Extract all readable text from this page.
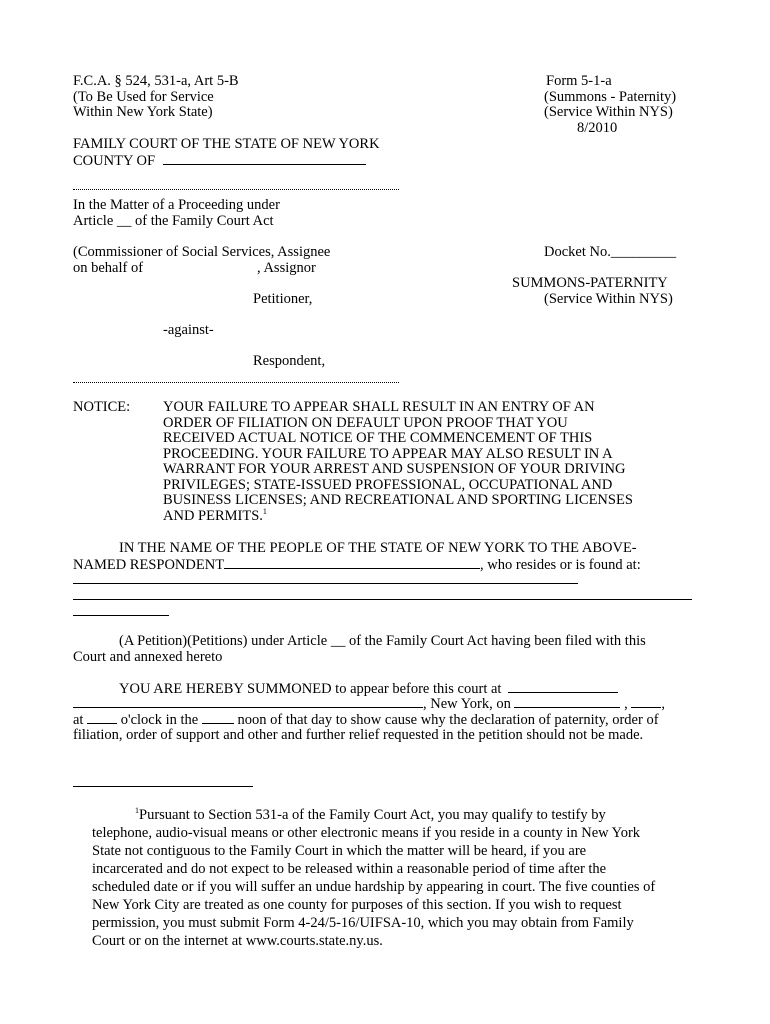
F.C.A. § 524, 531-a, Art 5-B
(To Be Used for Service
Within New York State)
Form 5-1-a
(Summons - Paternity)
(Service Within NYS)
8/2010
FAMILY COURT OF THE STATE OF NEW YORK
COUNTY OF
In the Matter of a Proceeding under
Article __ of the Family Court Act
(Commissioner of Social Services, Assignee
on behalf of	, Assignor
Petitioner,
-against-
Respondent,
Docket No._________
SUMMONS-PATERNITY
(Service Within NYS)
NOTICE: YOUR FAILURE TO APPEAR SHALL RESULT IN AN ENTRY OF AN
ORDER OF FILIATION ON DEFAULT UPON PROOF THAT YOU
RECEIVED ACTUAL NOTICE OF THE COMMENCEMENT OF THIS
PROCEEDING. YOUR FAILURE TO APPEAR MAY ALSO RESULT IN A
WARRANT FOR YOUR ARREST AND SUSPENSION OF YOUR DRIVING
PRIVILEGES; STATE-ISSUED PROFESSIONAL, OCCUPATIONAL AND
BUSINESS LICENSES; AND RECREATIONAL AND SPORTING LICENSES
AND PERMITS.$^1$
IN THE NAME OF THE PEOPLE OF THE STATE OF NEW YORK TO THE ABOVE-
NAMED RESPONDENT	, who resides or is found at:
(A Petition)(Petitions) under Article __ of the Family Court Act having been filed with this
Court and annexed hereto
YOU ARE HEREBY SUMMONED to appear before this court at
, New York, on	, ,
at	o'clock in the	noon of that day to show cause why the declaration of paternity, order of
filiation, order of support and other and further relief requested in the petition should not be made.
$^1$Pursuant to Section 531-a of the Family Court Act, you may qualify to testify by
telephone, audio-visual means or other electronic means if you reside in a county in New York
State not contiguous to the Family Court in which the matter will be heard, if you are
incarcerated and do not expect to be released within a reasonable period of time after the
scheduled date or if you will suffer an undue hardship by appearing in court. The five counties of
New York City are treated as one county for purposes of this section. If you wish to request
permission, you must submit Form 4-24/5-16/UIFSA-10, which you may obtain from Family
Court or on the internet at www.courts.state.ny.us.
